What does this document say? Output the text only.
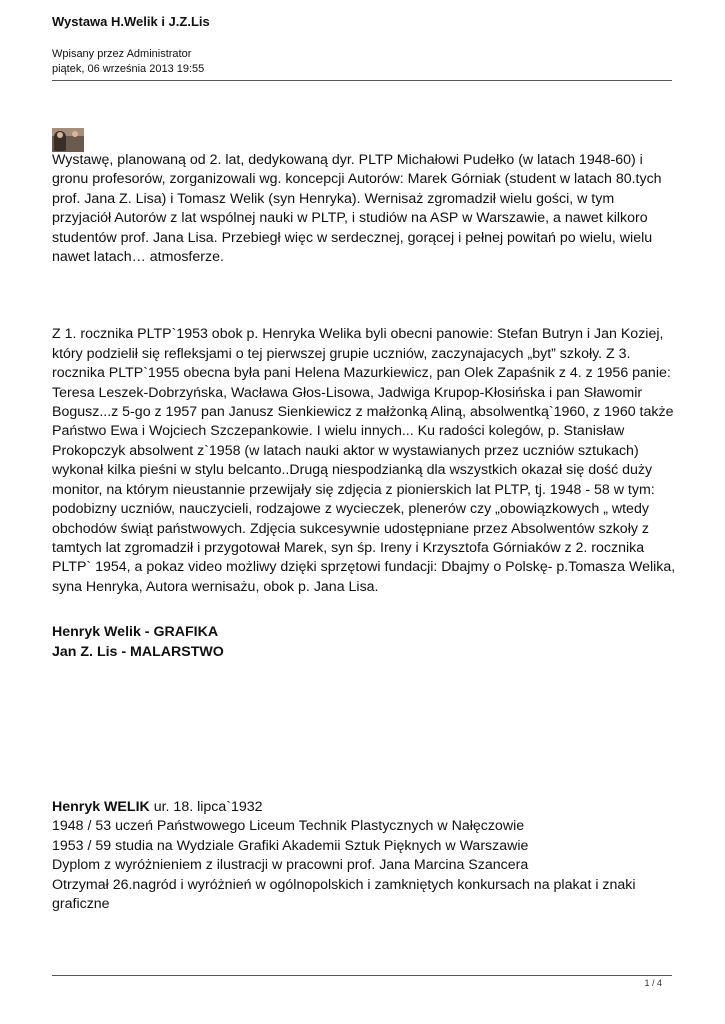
Wystawa H.Welik i J.Z.Lis
Wpisany przez Administrator
piątek, 06 września 2013 19:55

Wystawę, planowaną od 2. lat, dedykowaną dyr. PLTP Michałowi Pudełko (w latach 1948-60) i gronu profesorów, zorganizowali wg. koncepcji Autorów: Marek Górniak (student w latach 80.tych prof. Jana Z. Lisa) i Tomasz Welik (syn Henryka). Wernisaż zgromadził wielu gości, w tym przyjaciół Autorów z lat wspólnej nauki w PLTP, i studiów na ASP w Warszawie, a nawet kilkoro studentów prof. Jana Lisa. Przebiegł więc w serdecznej, gorącej i pełnej powitań po wielu, wielu nawet latach… atmosferze.

Z 1. rocznika PLTP`1953 obok p. Henryka Welika byli obecni panowie: Stefan Butryn i Jan Koziej, który podzielił się refleksjami o tej pierwszej grupie uczniów, zaczynajacych „byt” szkoły. Z 3. rocznika PLTP`1955 obecna była pani Helena Mazurkiewicz, pan Olek Zapaśnik z 4. z 1956 panie: Teresa Leszek-Dobrzyńska, Wacława Głos-Lisowa, Jadwiga Krupop-Kłosińska i pan Sławomir Bogusz...z 5-go z 1957 pan Janusz Sienkiewicz z małżonką Aliną, absolwentką`1960, z 1960 także Państwo Ewa i Wojciech Szczepankowie. I wielu innych... Ku radości kolegów, p. Stanisław Prokopczyk absolwent z`1958 (w latach nauki aktor w wystawianych przez uczniów sztukach) wykonał kilka pieśni w stylu belcanto..Drugą niespodzianką dla wszystkich okazał się dość duży monitor, na którym nieustannie przewijały się zdjęcia z pionierskich lat PLTP, tj. 1948 - 58 w tym: podobizny uczniów, nauczycieli, rodzajowe z wycieczek, plenerów czy „obowiązkowych „ wtedy obchodów świąt państwowych. Zdjęcia sukcesywnie udostępniane przez Absolwentów szkoły z tamtych lat zgromadził i przygotował Marek, syn śp. Ireny i Krzysztofa Górniaków z 2. rocznika PLTP` 1954, a pokaz video możliwy dzięki sprzętowi fundacji: Dbajmy o Polskę- p.Tomasza Welika, syna Henryka, Autora wernisażu, obok p. Jana Lisa.

Henryk Welik - GRAFIKA
Jan Z. Lis - MALARSTWO

Henryk WELIK ur. 18. lipca`1932
1948 / 53 uczeń Państwowego Liceum Technik Plastycznych w Nałęczowie
1953 / 59 studia na Wydziale Grafiki Akademii Sztuk Pięknych w Warszawie
Dyplom z wyróżnieniem z ilustracji w pracowni prof. Jana Marcina Szancera
Otrzymał 26.nagród i wyróżnień w ogólnopolskich i zamkniętych konkursach na plakat i znaki graficzne

1 / 4
